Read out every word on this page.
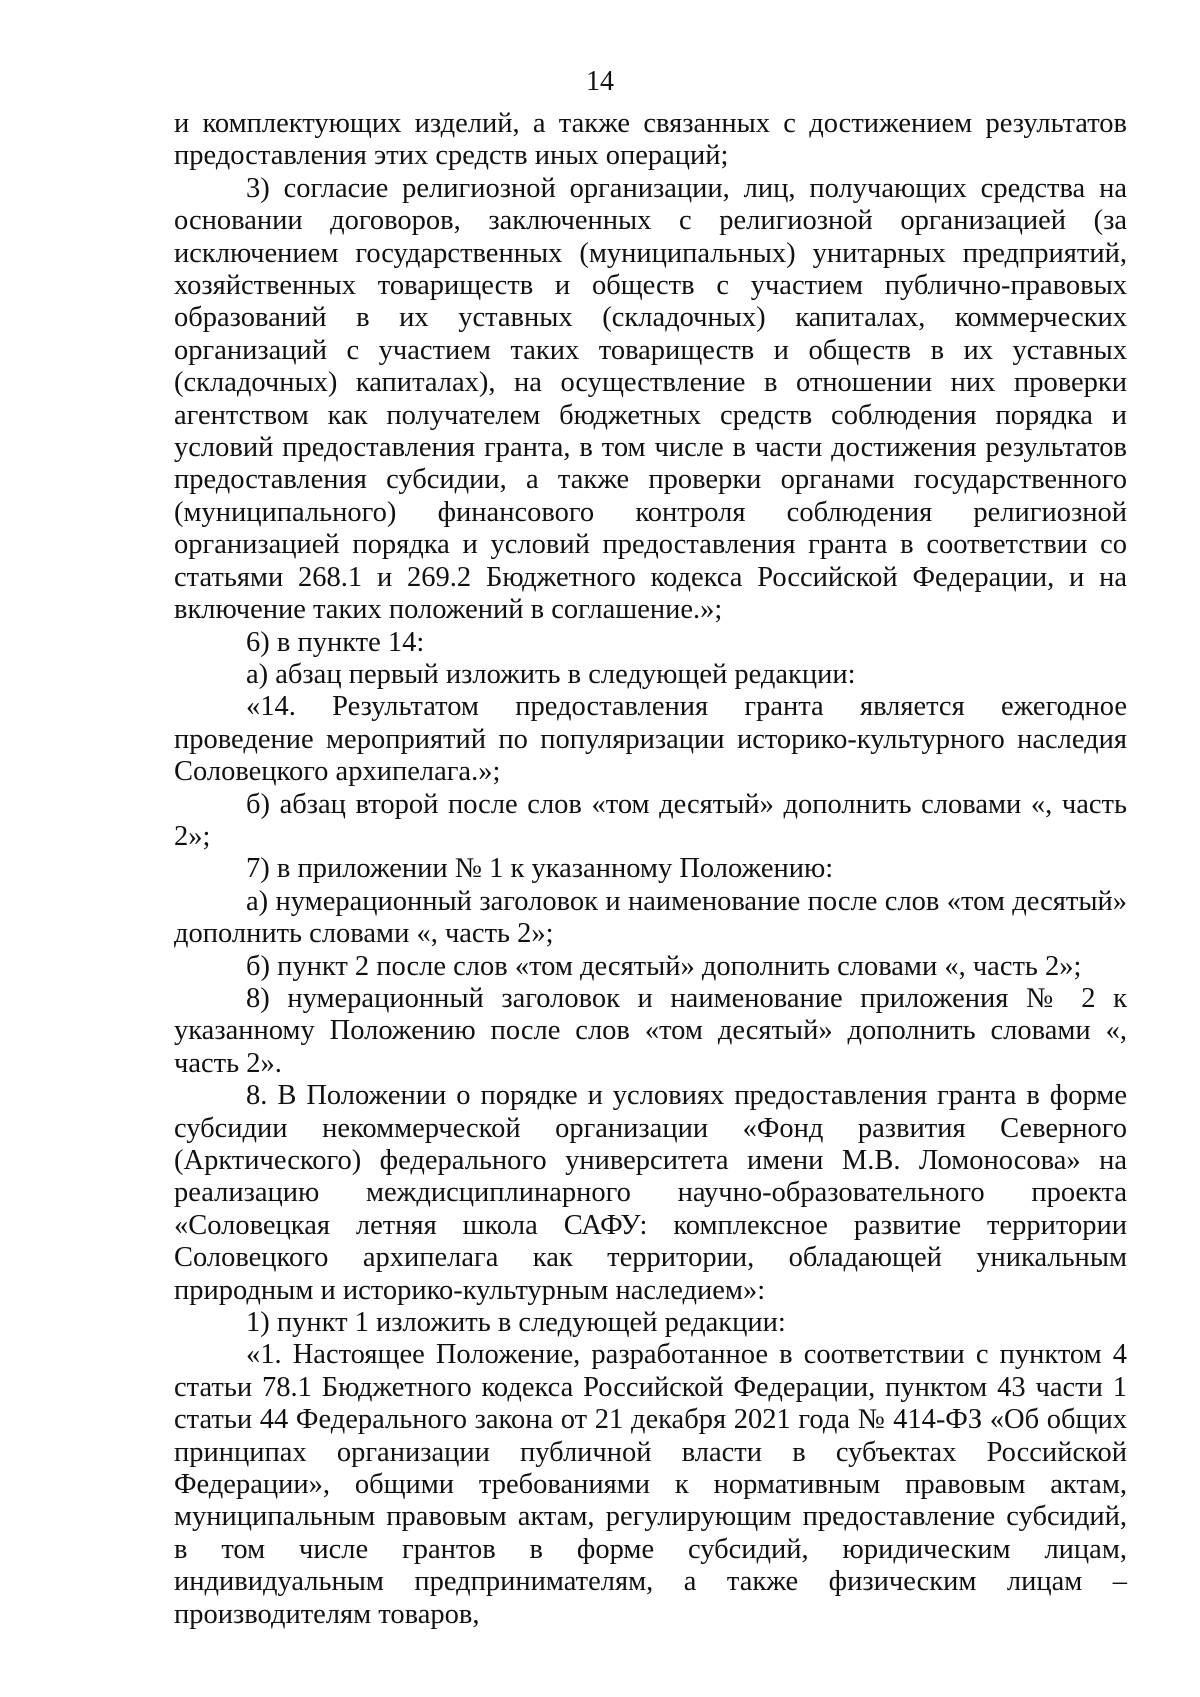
14

и комплектующих изделий, а также связанных с достижением результатов предоставления этих средств иных операций;

3) согласие религиозной организации, лиц, получающих средства на основании договоров, заключенных с религиозной организацией (за исключением государственных (муниципальных) унитарных предприятий, хозяйственных товариществ и обществ с участием публично-правовых образований в их уставных (складочных) капиталах, коммерческих организаций с участием таких товариществ и обществ в их уставных (складочных) капиталах), на осуществление в отношении них проверки агентством как получателем бюджетных средств соблюдения порядка и условий предоставления гранта, в том числе в части достижения результатов предоставления субсидии, а также проверки органами государственного (муниципального) финансового контроля соблюдения религиозной организацией порядка и условий предоставления гранта в соответствии со статьями 268.1 и 269.2 Бюджетного кодекса Российской Федерации, и на включение таких положений в соглашение.»;

6) в пункте 14:

а) абзац первый изложить в следующей редакции:

«14. Результатом предоставления гранта является ежегодное проведение мероприятий по популяризации историко-культурного наследия Соловецкого архипелага.»;

б) абзац второй после слов «том десятый» дополнить словами «, часть 2»;

7) в приложении № 1 к указанному Положению:

а) нумерационный заголовок и наименование после слов «том десятый» дополнить словами «, часть 2»;

б) пункт 2 после слов «том десятый» дополнить словами «, часть 2»;

8) нумерационный заголовок и наименование приложения № 2 к указанному Положению после слов «том десятый» дополнить словами «, часть 2».

8. В Положении о порядке и условиях предоставления гранта в форме субсидии некоммерческой организации «Фонд развития Северного (Арктического) федерального университета имени М.В. Ломоносова» на реализацию междисциплинарного научно-образовательного проекта «Соловецкая летняя школа САФУ: комплексное развитие территории Соловецкого архипелага как территории, обладающей уникальным природным и историко-культурным наследием»:

1) пункт 1 изложить в следующей редакции:

«1. Настоящее Положение, разработанное в соответствии с пунктом 4 статьи 78.1 Бюджетного кодекса Российской Федерации, пунктом 43 части 1 статьи 44 Федерального закона от 21 декабря 2021 года № 414-ФЗ «Об общих принципах организации публичной власти в субъектах Российской Федерации», общими требованиями к нормативным правовым актам, муниципальным правовым актам, регулирующим предоставление субсидий, в том числе грантов в форме субсидий, юридическим лицам, индивидуальным предпринимателям, а также физическим лицам – производителям товаров,
